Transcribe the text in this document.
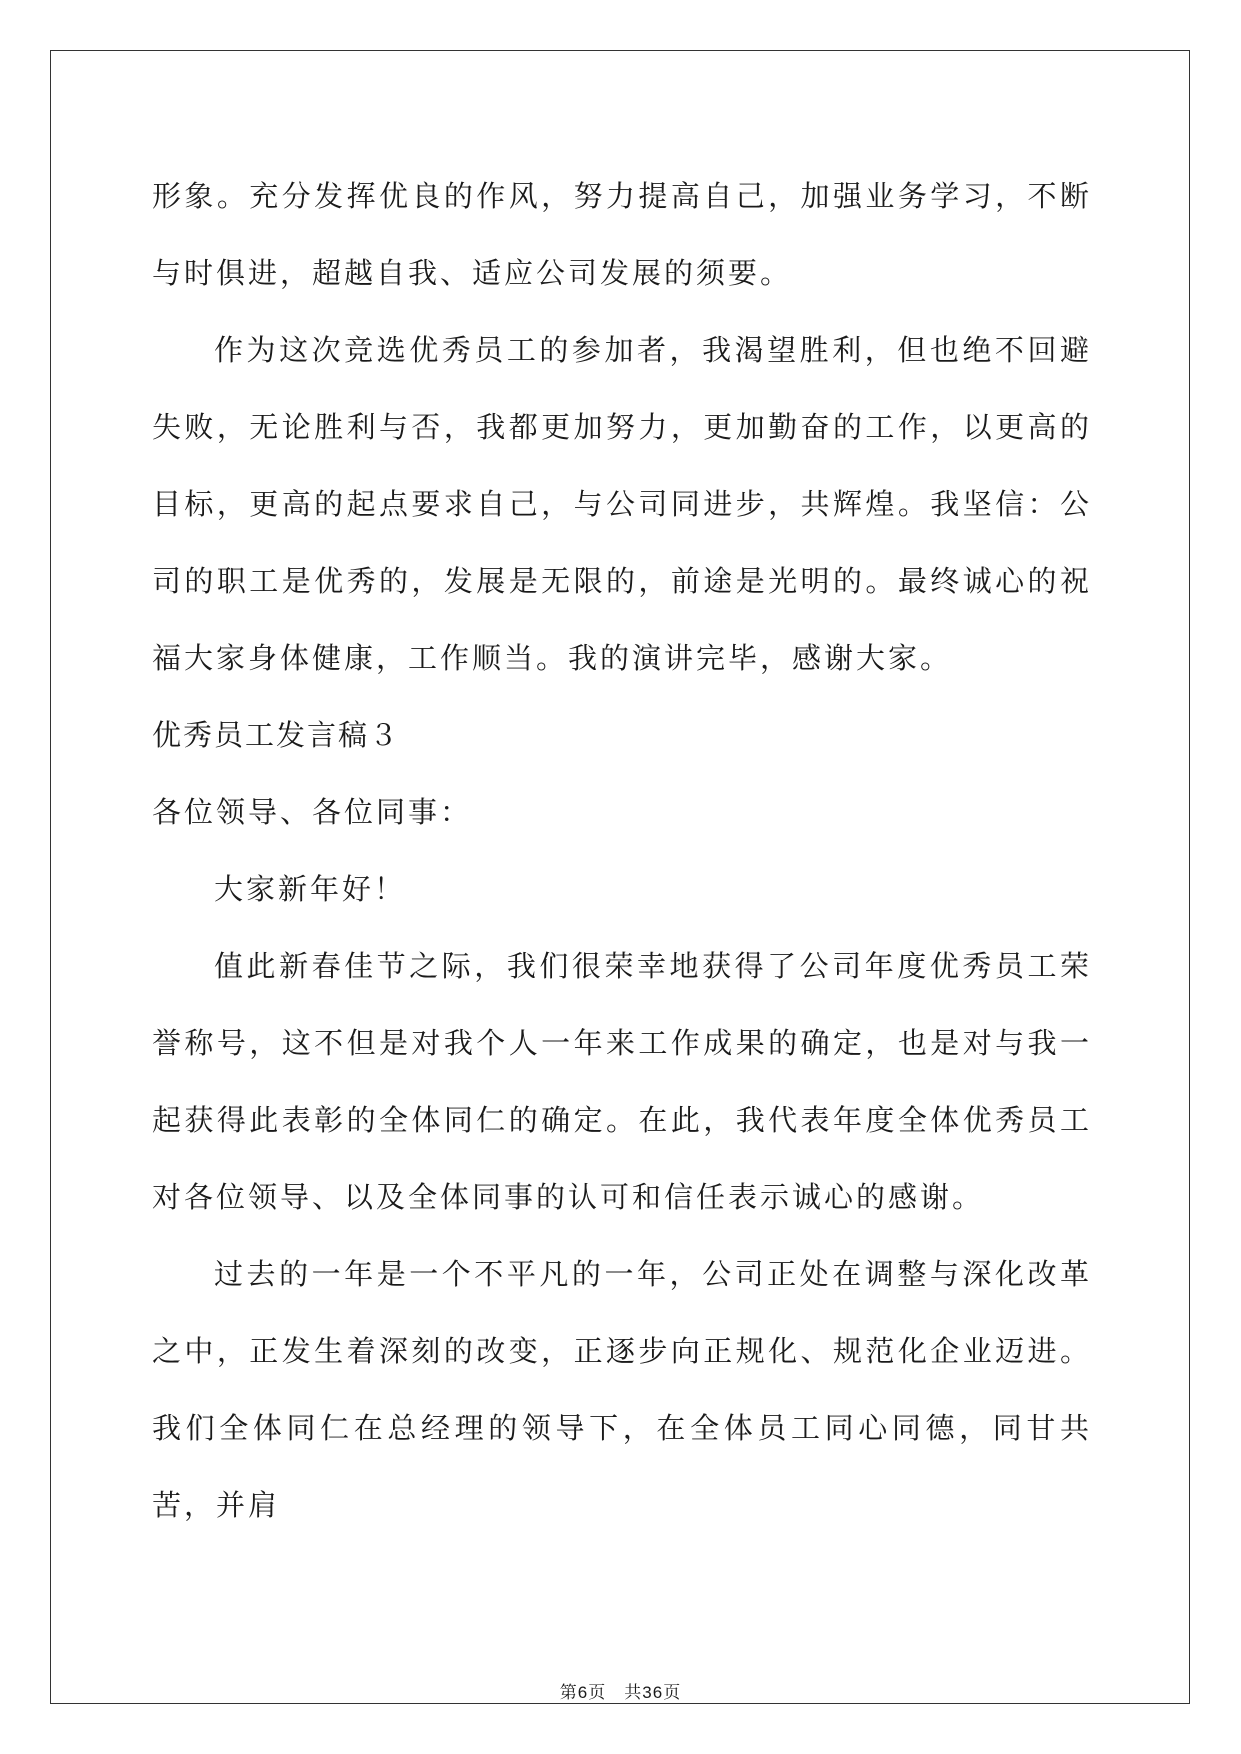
形象。充分发挥优良的作风，努力提高自己，加强业务学习，不断与时俱进，超越自我、适应公司发展的须要。

作为这次竞选优秀员工的参加者，我渴望胜利，但也绝不回避失败，无论胜利与否，我都更加努力，更加勤奋的工作，以更高的目标，更高的起点要求自己，与公司同进步，共辉煌。我坚信：公司的职工是优秀的，发展是无限的，前途是光明的。最终诚心的祝福大家身体健康，工作顺当。我的演讲完毕，感谢大家。

优秀员工发言稿３

各位领导、各位同事：

大家新年好！

值此新春佳节之际，我们很荣幸地获得了公司年度优秀员工荣誉称号，这不但是对我个人一年来工作成果的确定，也是对与我一起获得此表彰的全体同仁的确定。在此，我代表年度全体优秀员工对各位领导、以及全体同事的认可和信任表示诚心的感谢。

过去的一年是一个不平凡的一年，公司正处在调整与深化改革之中，正发生着深刻的改变，正逐步向正规化、规范化企业迈进。我们全体同仁在总经理的领导下，在全体员工同心同德，同甘共苦，并肩

第6页　共36页
